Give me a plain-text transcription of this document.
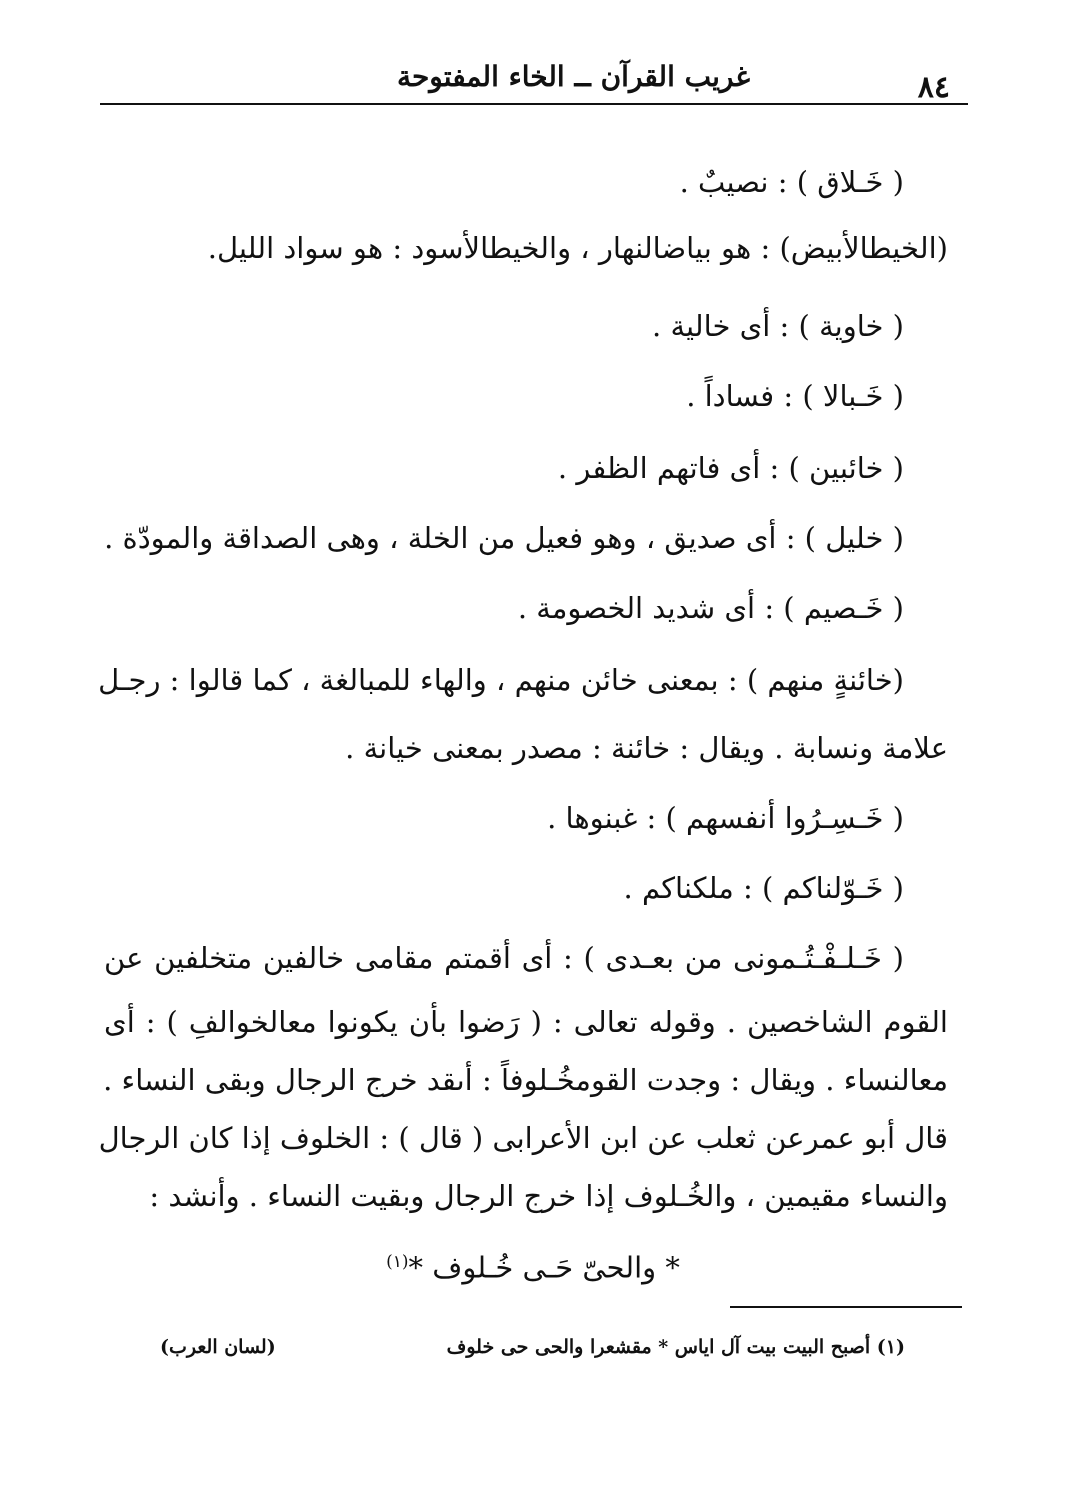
٨٤
غريب القرآن ــ الخاء المفتوحة
( خَـلاق ) : نصيبٌ .
(الخيطالأبيض) : هو بياضالنهار ، والخيطالأسود : هو سواد الليل.
( خاوية ) : أى خالية .
( خَـبالا ) : فساداً .
( خائبين ) : أى فاتهم الظفر .
( خليل ) : أى صديق ، وهو فعيل من الخلة ، وهى الصداقة والمودّة .
( خَـصيم ) : أى شديد الخصومة .
(خائنةٍ منهم ) : بمعنى خائن منهم ، والهاء للمبالغة ، كما قالوا : رجـل
علامة ونسابة . ويقال : خائنة : مصدر بمعنى خيانة .
( خَـسِـرُوا أنفسهم ) : غبنوها .
( خَـوّلناكم ) : ملكناكم .
( خَـلـفْـتُـمونى من بعـدى ) : أى أقمتم مقامى خالفين متخلفين عن
القوم الشاخصين . وقوله تعالى : ( رَضوا بأن يكونوا معالخوالفِ ) : أى
معالنساء . ويقال : وجدت القومخُـلوفاً : أىقد خرج الرجال وبقى النساء .
قال أبو عمرعن ثعلب عن ابن الأعرابى ( قال ) : الخلوف إذا كان الرجال
والنساء مقيمين ، والخُـلوف إذا خرج الرجال وبقيت النساء . وأنشد :
* والحىّ حَـى خُـلوف *$^{(١)}$
(١) أصبح البيت بيت آل اياس * مقشعرا والحى حى خلوف
(لسان العرب)
